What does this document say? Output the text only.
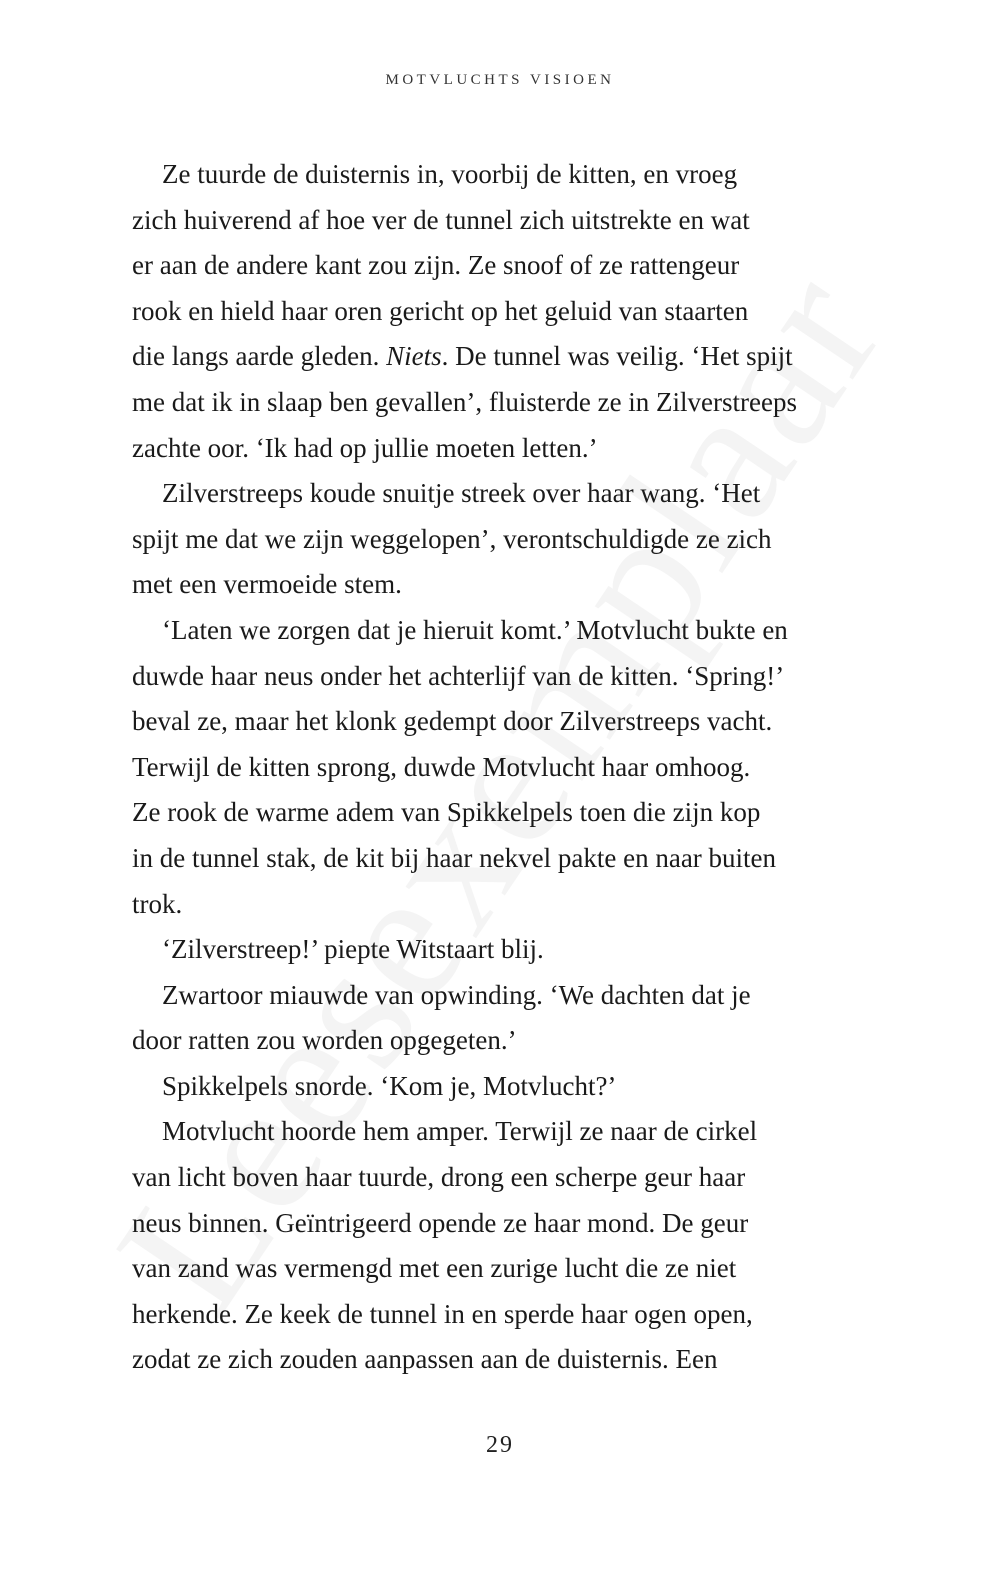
MOTVLUCHTS VISIOEN

Ze tuurde de duisternis in, voorbij de kitten, en vroeg
zich huiverend af hoe ver de tunnel zich uitstrekte en wat
er aan de andere kant zou zijn. Ze snoof of ze rattengeur
rook en hield haar oren gericht op het geluid van staarten
die langs aarde gleden. Niets. De tunnel was veilig. ‘Het spijt
me dat ik in slaap ben gevallen’, fluisterde ze in Zilverstreeps
zachte oor. ‘Ik had op jullie moeten letten.’
Zilverstreeps koude snuitje streek over haar wang. ‘Het
spijt me dat we zijn weggelopen’, verontschuldigde ze zich
met een vermoeide stem.
‘Laten we zorgen dat je hieruit komt.’ Motvlucht bukte en
duwde haar neus onder het achterlijf van de kitten. ‘Spring!’
beval ze, maar het klonk gedempt door Zilverstreeps vacht.
Terwijl de kitten sprong, duwde Motvlucht haar omhoog.
Ze rook de warme adem van Spikkelpels toen die zijn kop
in de tunnel stak, de kit bij haar nekvel pakte en naar buiten
trok.
‘Zilverstreep!’ piepte Witstaart blij.
Zwartoor miauwde van opwinding. ‘We dachten dat je
door ratten zou worden opgegeten.’
Spikkelpels snorde. ‘Kom je, Motvlucht?’
Motvlucht hoorde hem amper. Terwijl ze naar de cirkel
van licht boven haar tuurde, drong een scherpe geur haar
neus binnen. Geïntrigeerd opende ze haar mond. De geur
van zand was vermengd met een zurige lucht die ze niet
herkende. Ze keek de tunnel in en sperde haar ogen open,
zodat ze zich zouden aanpassen aan de duisternis. Een

29
